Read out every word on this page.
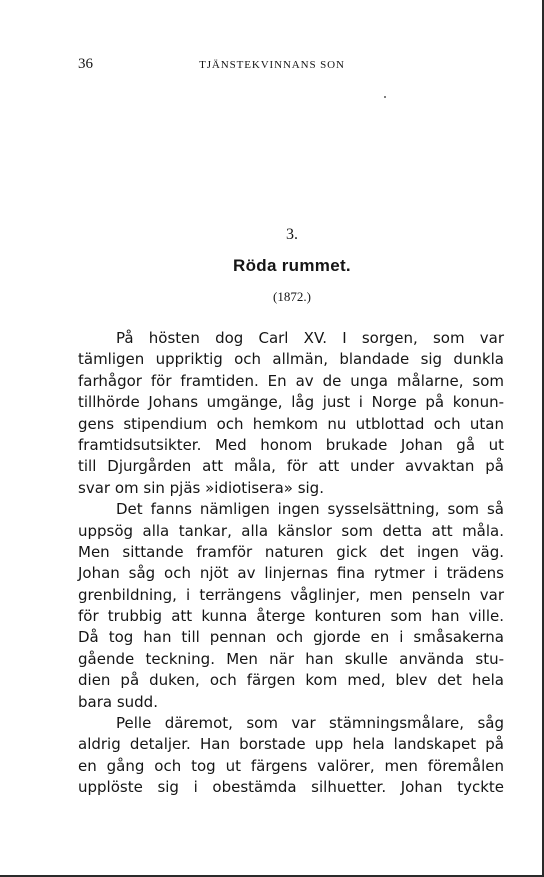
36	TJÄNSTEKVINNANS SON
3.
Röda rummet.
(1872.)
På hösten dog Carl XV. I sorgen, som var
tämligen uppriktig och allmän, blandade sig dunkla
farhågor för framtiden. En av de unga målarne, som
tillhörde Johans umgänge, låg just i Norge på konun-
gens stipendium och hemkom nu utblottad och utan
framtidsutsikter. Med honom brukade Johan gå ut
till Djurgården att måla, för att under avvaktan på
svar om sin pjäs »idiotisera» sig.
Det fanns nämligen ingen sysselsättning, som så
uppsög alla tankar, alla känslor som detta att måla.
Men sittande framför naturen gick det ingen väg.
Johan såg och njöt av linjernas fina rytmer i trädens
grenbildning, i terrängens våglinjer, men penseln var
för trubbig att kunna återge konturen som han ville.
Då tog han till pennan och gjorde en i småsakerna
gående teckning. Men när han skulle använda stu-
dien på duken, och färgen kom med, blev det hela
bara sudd.
Pelle däremot, som var stämningsmålare, såg
aldrig detaljer. Han borstade upp hela landskapet på
en gång och tog ut färgens valörer, men föremålen
upplöste sig i obestämda silhuetter. Johan tyckte
